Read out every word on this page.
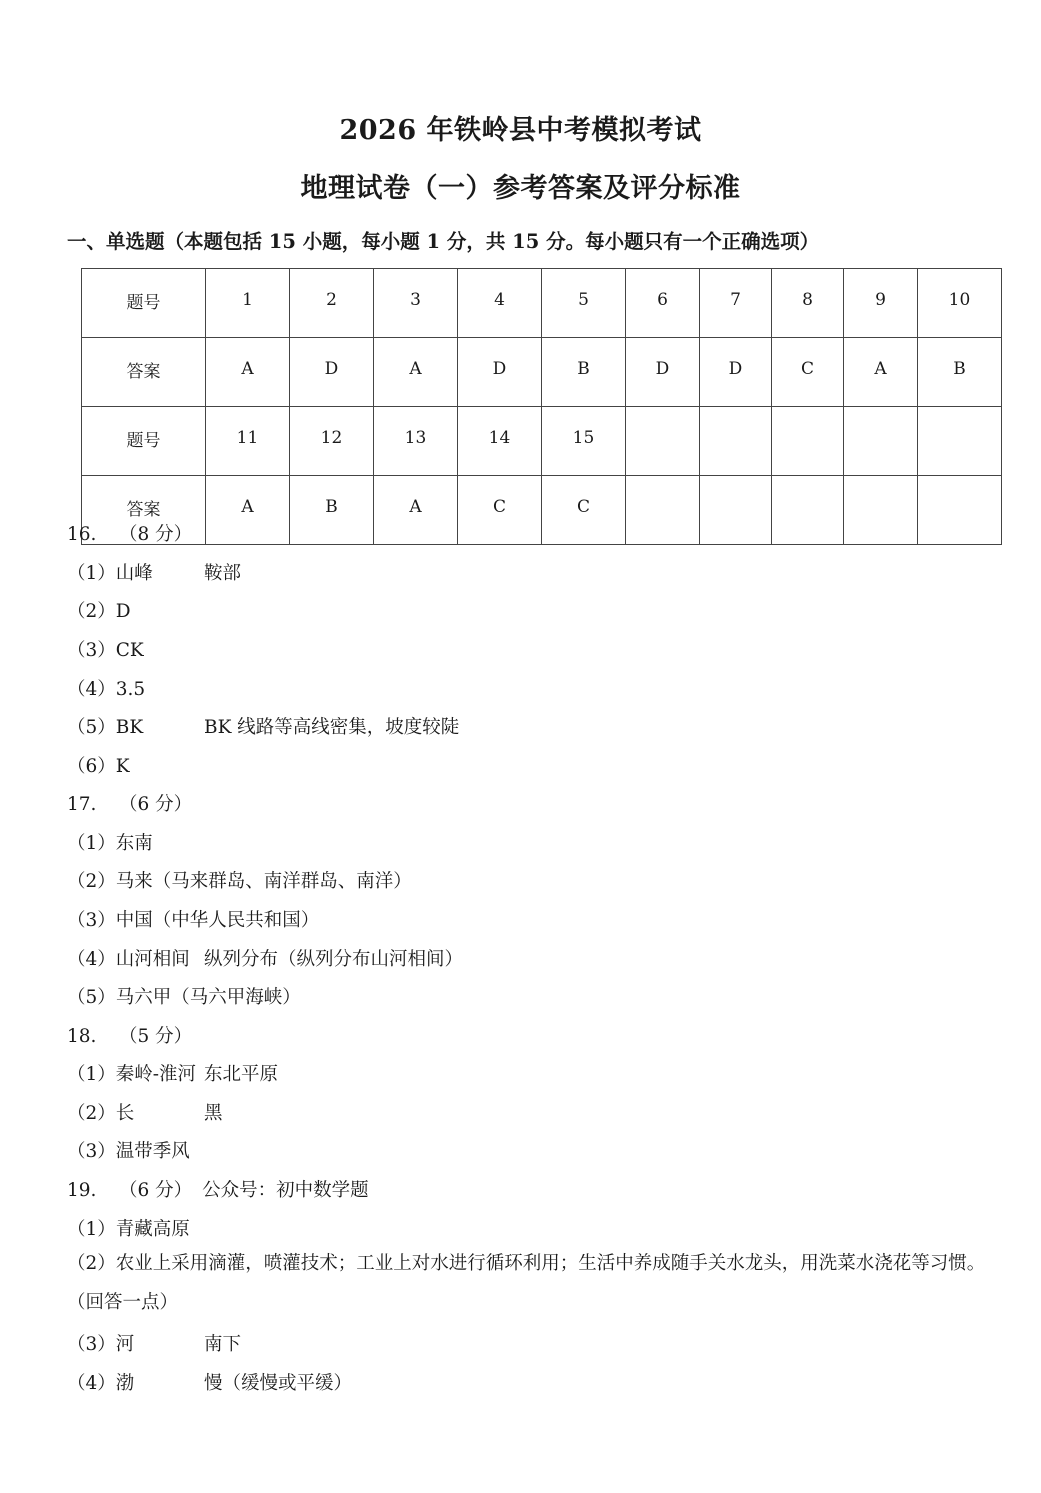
2026 年铁岭县中考模拟考试
地理试卷（一）参考答案及评分标准
一、单选题（本题包括 15 小题，每小题 1 分，共 15 分。每小题只有一个正确选项）
题号	1	2	3	4	5	6	7	8	9	10
答案	A	D	A	D	B	D	D	C	A	B
题号	11	12	13	14	15					
答案	A	B	A	C	C					
16. （8 分）
（1）山峰	鞍部
（2）D
（3）CK
（4）3.5
（5）BK	BK 线路等高线密集，坡度较陡
（6）K
17. （6 分）
（1）东南
（2）马来（马来群岛、南洋群岛、南洋）
（3）中国（中华人民共和国）
（4）山河相间 纵列分布（纵列分布山河相间）
（5）马六甲（马六甲海峡）
18. （5 分）
（1）秦岭-淮河 东北平原
（2）长	黑
（3）温带季风
19. （6 分） 公众号：初中数学题
（1）青藏高原
（2）农业上采用滴灌，喷灌技术；工业上对水进行循环利用；生活中养成随手关水龙头，用洗菜水浇花等习惯。（回答一点）
（3）河	南下
（4）渤	慢（缓慢或平缓）
